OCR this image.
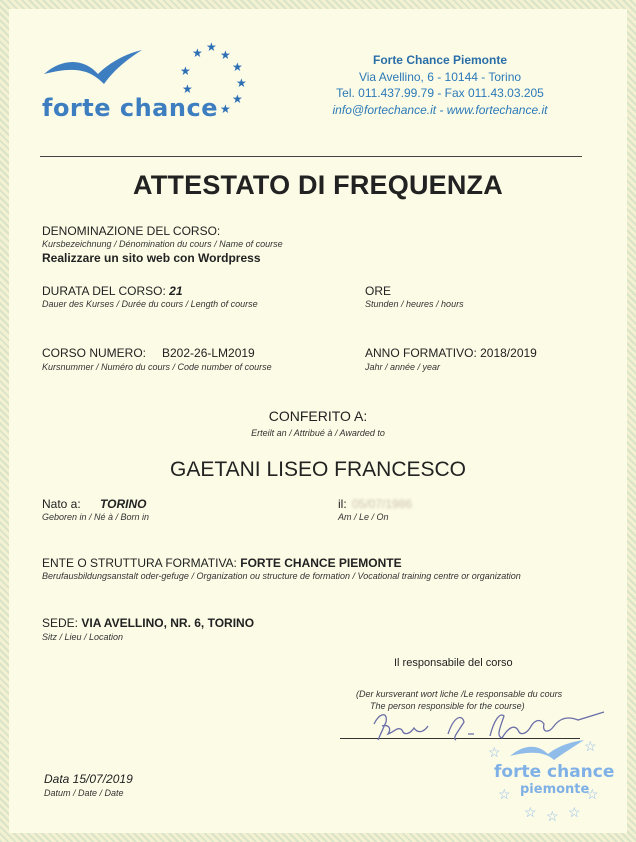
★ ★
★
★
★
★
★
★
★
forte chance
Forte Chance Piemonte
Via Avellino, 6 - 10144 - Torino
Tel. 011.437.99.79 - Fax 011.43.03.205
info@fortechance.it - www.fortechance.it
ATTESTATO DI FREQUENZA
DENOMINAZIONE DEL CORSO:
Kursbezeichnung / Dénomination du cours / Name of course
Realizzare un sito web con Wordpress
DURATA DEL CORSO: 21
Dauer des Kurses / Durée du cours / Length of course
ORE
Stunden / heures / hours
CORSO NUMERO: B202-26-LM2019
Kursnummer / Numéro du cours / Code number of course
ANNO FORMATIVO: 2018/2019
Jahr / année / year
CONFERITO A:
Erteilt an / Attribué à / Awarded to
GAETANI LISEO FRANCESCO
Nato a: TORINO
Geboren in / Né à / Born in
il: 05/07/1986
Am / Le / On
ENTE O STRUTTURA FORMATIVA: FORTE CHANCE PIEMONTE
Berufausbildungsanstalt oder-gefuge / Organization ou structure de formation / Vocational training centre or organization
SEDE: VIA AVELLINO, NR. 6, TORINO
Sitz / Lieu / Location
Il responsabile del corso
(Der kursverant wort liche /Le responsable du cours
The person responsible for the course)
☆	☆
forte chance
piemonte
☆	☆
☆ ☆ ☆
Data 15/07/2019
Datum / Date / Date
